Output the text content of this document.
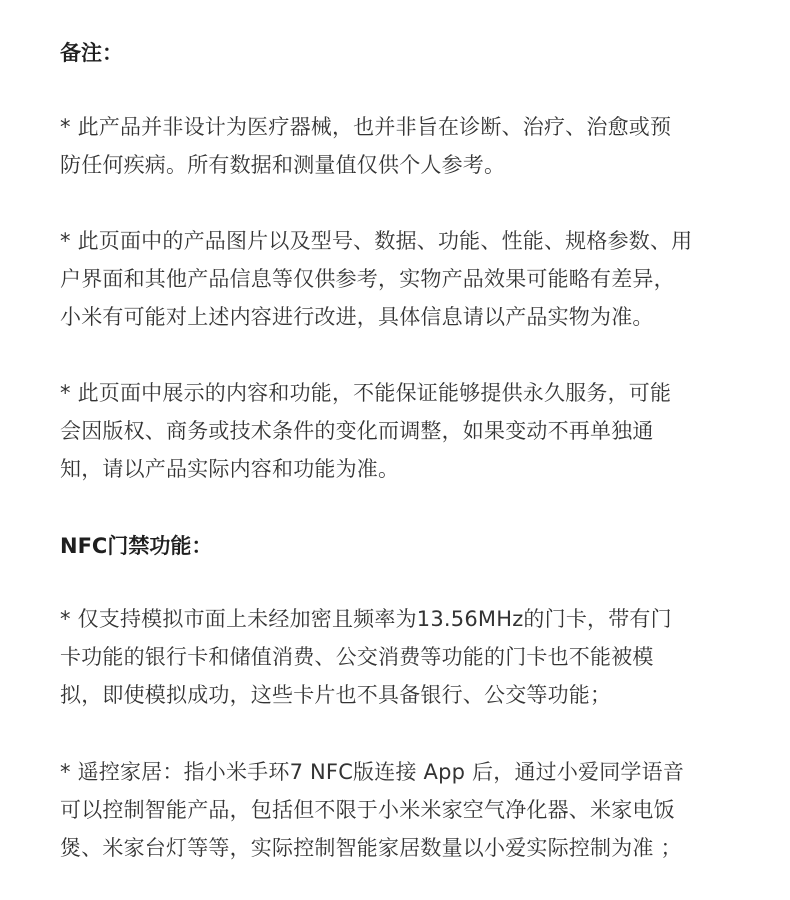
备注：
* 此产品并非设计为医疗器械，也并非旨在诊断、治疗、治愈或预
防任何疾病。所有数据和测量值仅供个人参考。
* 此页面中的产品图片以及型号、数据、功能、性能、规格参数、用
户界面和其他产品信息等仅供参考，实物产品效果可能略有差异，
小米有可能对上述内容进行改进，具体信息请以产品实物为准。
* 此页面中展示的内容和功能，不能保证能够提供永久服务，可能
会因版权、商务或技术条件的变化而调整，如果变动不再单独通
知，请以产品实际内容和功能为准。
NFC门禁功能：
* 仅支持模拟市面上未经加密且频率为13.56MHz的门卡，带有门
卡功能的银行卡和储值消费、公交消费等功能的门卡也不能被模
拟，即使模拟成功，这些卡片也不具备银行、公交等功能；
* 遥控家居：指小米手环7 NFC版连接 App 后，通过小爱同学语音
可以控制智能产品，包括但不限于小米米家空气净化器、米家电饭
煲、米家台灯等等，实际控制智能家居数量以小爱实际控制为准 ；
